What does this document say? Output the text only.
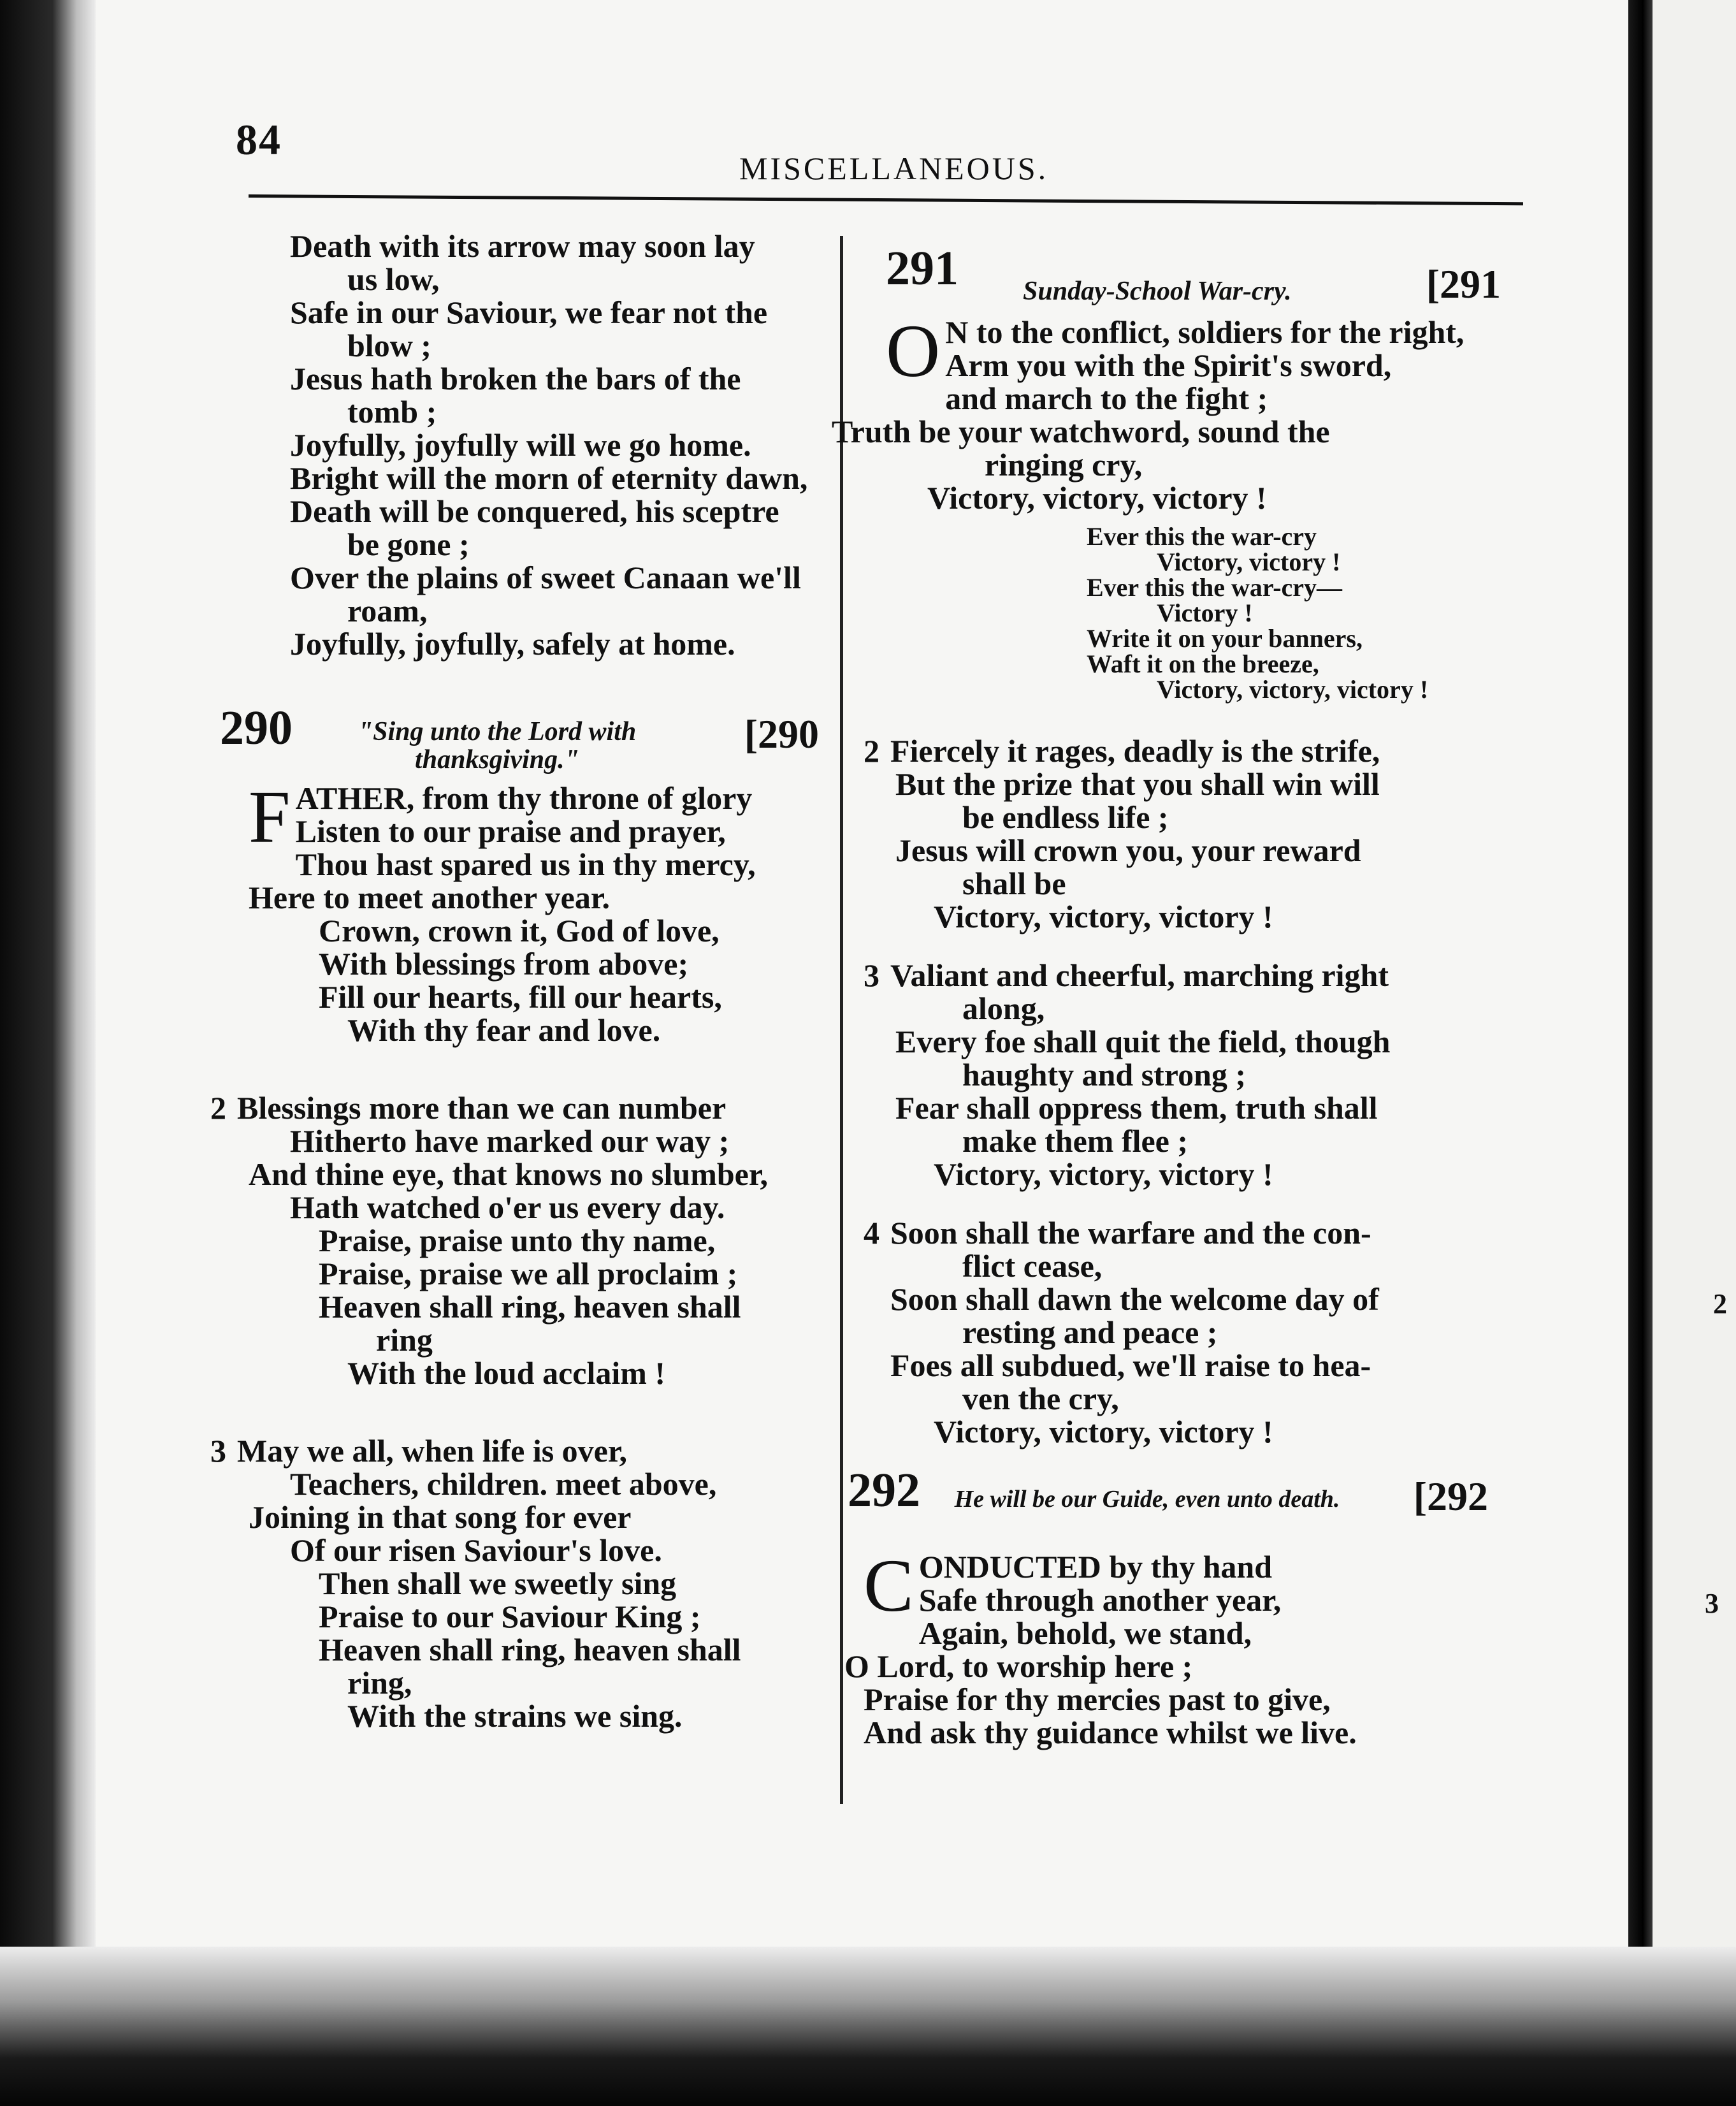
2
3
84
MISCELLANEOUS.
Death with its arrow may soon lay
us low,
Safe in our Saviour, we fear not the
blow ;
Jesus hath broken the bars of the
tomb ;
Joyfully, joyfully will we go home.
Bright will the morn of eternity dawn,
Death will be conquered, his sceptre
be gone ;
Over the plains of sweet Canaan we'll
roam,
Joyfully, joyfully, safely at home.
290	"Sing unto the Lord with thanksgiving."
[290
F ATHER, from thy throne of glory
Listen to our praise and prayer,
Thou hast spared us in thy mercy,
Here to meet another year.
Crown, crown it, God of love,
With blessings from above;
Fill our hearts, fill our hearts,
With thy fear and love.
2 Blessings more than we can number
Hitherto have marked our way ;
And thine eye, that knows no slumber,
Hath watched o'er us every day.
Praise, praise unto thy name,
Praise, praise we all proclaim ;
Heaven shall ring, heaven shall
ring
With the loud acclaim !
3 May we all, when life is over,
Teachers, children. meet above,
Joining in that song for ever
Of our risen Saviour's love.
Then shall we sweetly sing
Praise to our Saviour King ;
Heaven shall ring, heaven shall
ring,
With the strains we sing.
291 Sunday-School War-cry.	[291
O N to the conflict, soldiers for the right,
Arm you with the Spirit's sword,
and march to the fight ;
Truth be your watchword, sound the
ringing cry,
Victory, victory, victory !
Ever this the war-cry
Victory, victory !
Ever this the war-cry—
Victory !
Write it on your banners,
Waft it on the breeze,
Victory, victory, victory !
2 Fiercely it rages, deadly is the strife,
But the prize that you shall win will
be endless life ;
Jesus will crown you, your reward
shall be
Victory, victory, victory !
3 Valiant and cheerful, marching right
along,
Every foe shall quit the field, though
haughty and strong ;
Fear shall oppress them, truth shall
make them flee ;
Victory, victory, victory !
4 Soon shall the warfare and the con-
flict cease,
Soon shall dawn the welcome day of
resting and peace ;
Foes all subdued, we'll raise to hea-
ven the cry,
Victory, victory, victory !
292	He will be our Guide, even unto death. [292
C ONDUCTED by thy hand
Safe through another year,
Again, behold, we stand,
O Lord, to worship here ;
Praise for thy mercies past to give,
And ask thy guidance whilst we live.
